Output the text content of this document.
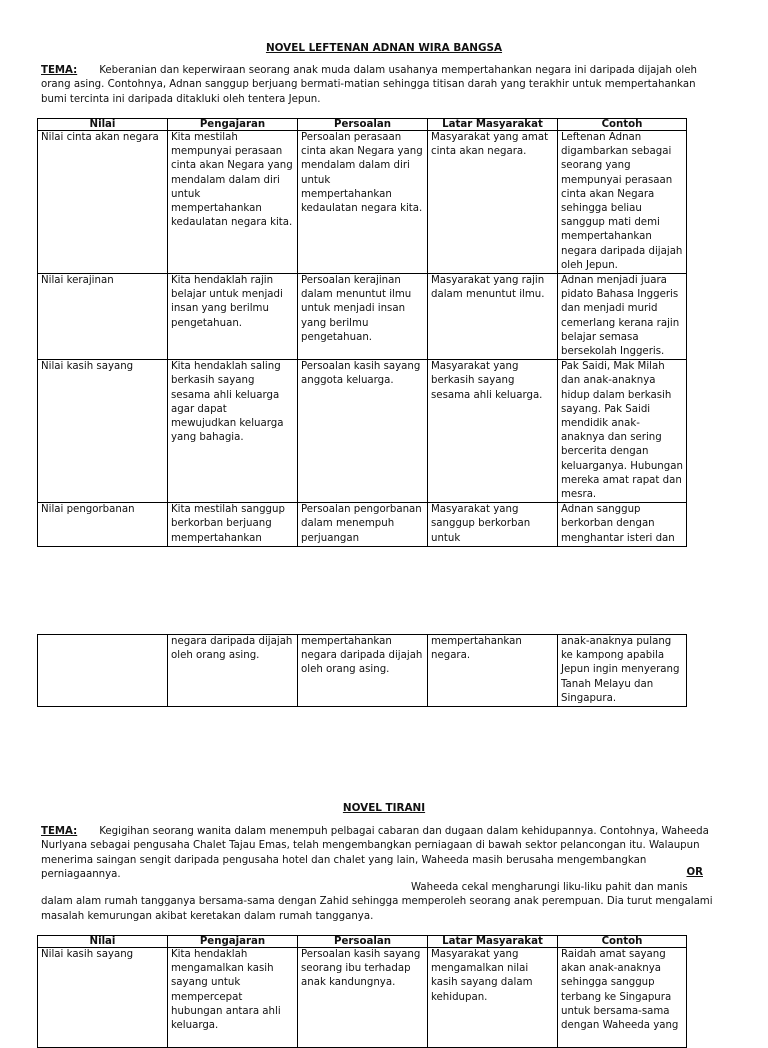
NOVEL LEFTENAN ADNAN WIRA BANGSA

TEMA: Keberanian dan keperwiraan seorang anak muda dalam usahanya mempertahankan negara ini daripada dijajah oleh orang asing. Contohnya, Adnan sanggup berjuang bermati-matian sehingga titisan darah yang terakhir untuk mempertahankan bumi tercinta ini daripada ditakluki oleh tentera Jepun.

Nilai	Pengajaran	Persoalan	Latar Masyarakat	Contoh
Nilai cinta akan negara	Kita mestilah mempunyai perasaan cinta akan Negara yang mendalam dalam diri untuk mempertahankan kedaulatan negara kita.	Persoalan perasaan cinta akan Negara yang mendalam dalam diri untuk mempertahankan kedaulatan negara kita.	Masyarakat yang amat cinta akan negara.	Leftenan Adnan digambarkan sebagai seorang yang mempunyai perasaan cinta akan Negara sehingga beliau sanggup mati demi mempertahankan negara daripada dijajah oleh Jepun.
Nilai kerajinan	Kita hendaklah rajin belajar untuk menjadi insan yang berilmu pengetahuan.	Persoalan kerajinan dalam menuntut ilmu untuk menjadi insan yang berilmu pengetahuan.	Masyarakat yang rajin dalam menuntut ilmu.	Adnan menjadi juara pidato Bahasa Inggeris dan menjadi murid cemerlang kerana rajin belajar semasa bersekolah Inggeris.
Nilai kasih sayang	Kita hendaklah saling berkasih sayang sesama ahli keluarga agar dapat mewujudkan keluarga yang bahagia.	Persoalan kasih sayang anggota keluarga.	Masyarakat yang berkasih sayang sesama ahli keluarga.	Pak Saidi, Mak Milah dan anak-anaknya hidup dalam berkasih sayang. Pak Saidi mendidik anak-anaknya dan sering bercerita dengan keluarganya. Hubungan mereka amat rapat dan mesra.
Nilai pengorbanan	Kita mestilah sanggup berkorban berjuang mempertahankan	Persoalan pengorbanan dalam menempuh perjuangan	Masyarakat yang sanggup berkorban untuk	Adnan sanggup berkorban dengan menghantar isteri dan
	negara daripada dijajah oleh orang asing.	mempertahankan negara daripada dijajah oleh orang asing.	mempertahankan negara.	anak-anaknya pulang ke kampong apabila Jepun ingin menyerang Tanah Melayu dan Singapura.
NOVEL TIRANI

TEMA: Kegigihan seorang wanita dalam menempuh pelbagai cabaran dan dugaan dalam kehidupannya. Contohnya, Waheeda Nurlyana sebagai pengusaha Chalet Tajau Emas, telah mengembangkan perniagaan di bawah sektor pelancongan itu. Walaupun menerima saingan sengit daripada pengusaha hotel dan chalet yang lain, Waheeda masih berusaha mengembangkan perniagaannya.	OR

Waheeda cekal mengharungi liku-liku pahit dan manis dalam alam rumah tangganya bersama-sama dengan Zahid sehingga memperoleh seorang anak perempuan. Dia turut mengalami masalah kemurungan akibat keretakan dalam rumah tangganya.

Nilai	Pengajaran	Persoalan	Latar Masyarakat	Contoh
Nilai kasih sayang	Kita hendaklah mengamalkan kasih sayang untuk mempercepat hubungan antara ahli keluarga.	Persoalan kasih sayang seorang ibu terhadap anak kandungnya.	Masyarakat yang mengamalkan nilai kasih sayang dalam kehidupan.	Raidah amat sayang akan anak-anaknya sehingga sanggup terbang ke Singapura untuk bersama-sama dengan Waheeda yang
